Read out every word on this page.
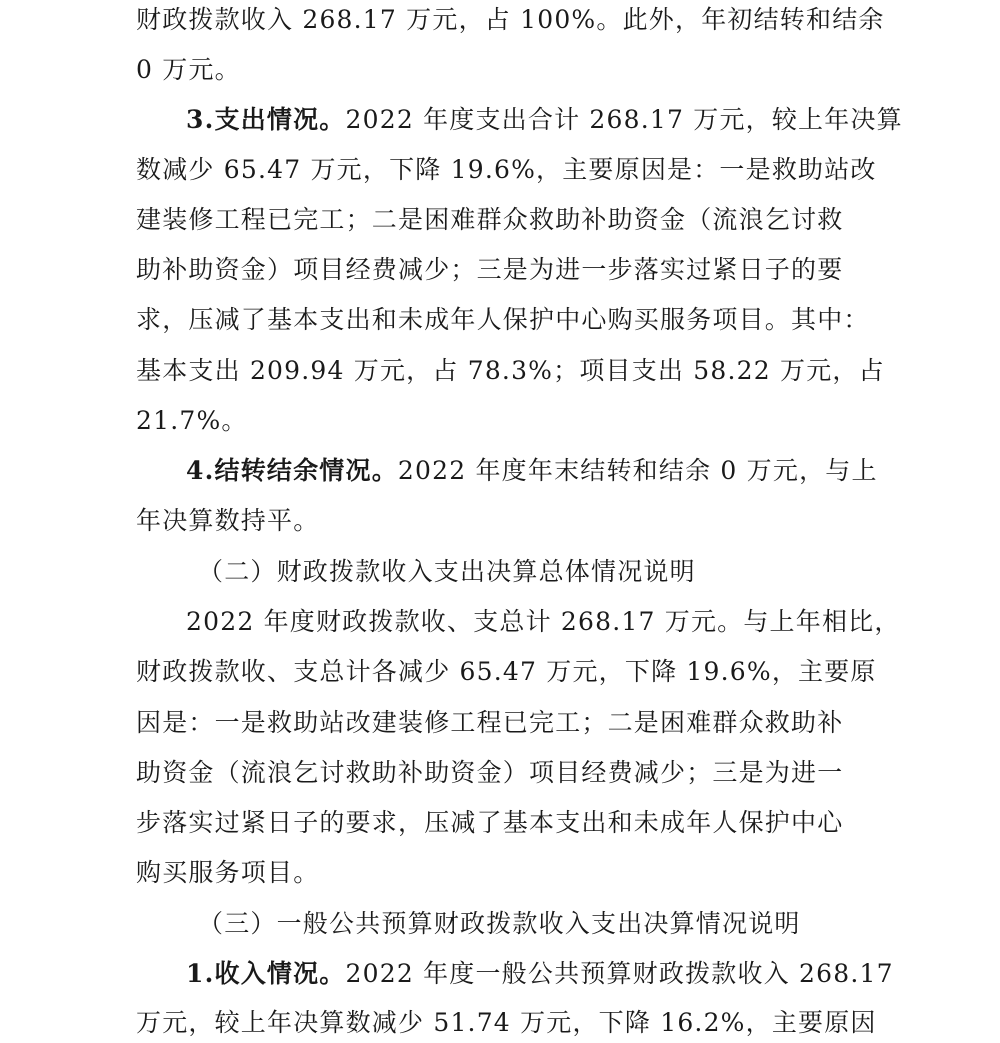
财政拨款收入 268.17 万元，占 100%。此外，年初结转和结余
0 万元。
3.支出情况。2022 年度支出合计 268.17 万元，较上年决算
数减少 65.47 万元，下降 19.6%，主要原因是：一是救助站改
建装修工程已完工；二是困难群众救助补助资金（流浪乞讨救
助补助资金）项目经费减少；三是为进一步落实过紧日子的要
求，压减了基本支出和未成年人保护中心购买服务项目。其中：
基本支出 209.94 万元，占 78.3%；项目支出 58.22 万元，占
21.7%。
4.结转结余情况。2022 年度年末结转和结余 0 万元，与上
年决算数持平。
（二）财政拨款收入支出决算总体情况说明
2022 年度财政拨款收、支总计 268.17 万元。与上年相比，
财政拨款收、支总计各减少 65.47 万元，下降 19.6%，主要原
因是：一是救助站改建装修工程已完工；二是困难群众救助补
助资金（流浪乞讨救助补助资金）项目经费减少；三是为进一
步落实过紧日子的要求，压减了基本支出和未成年人保护中心
购买服务项目。
（三）一般公共预算财政拨款收入支出决算情况说明
1.收入情况。2022 年度一般公共预算财政拨款收入 268.17
万元，较上年决算数减少 51.74 万元，下降 16.2%，主要原因
